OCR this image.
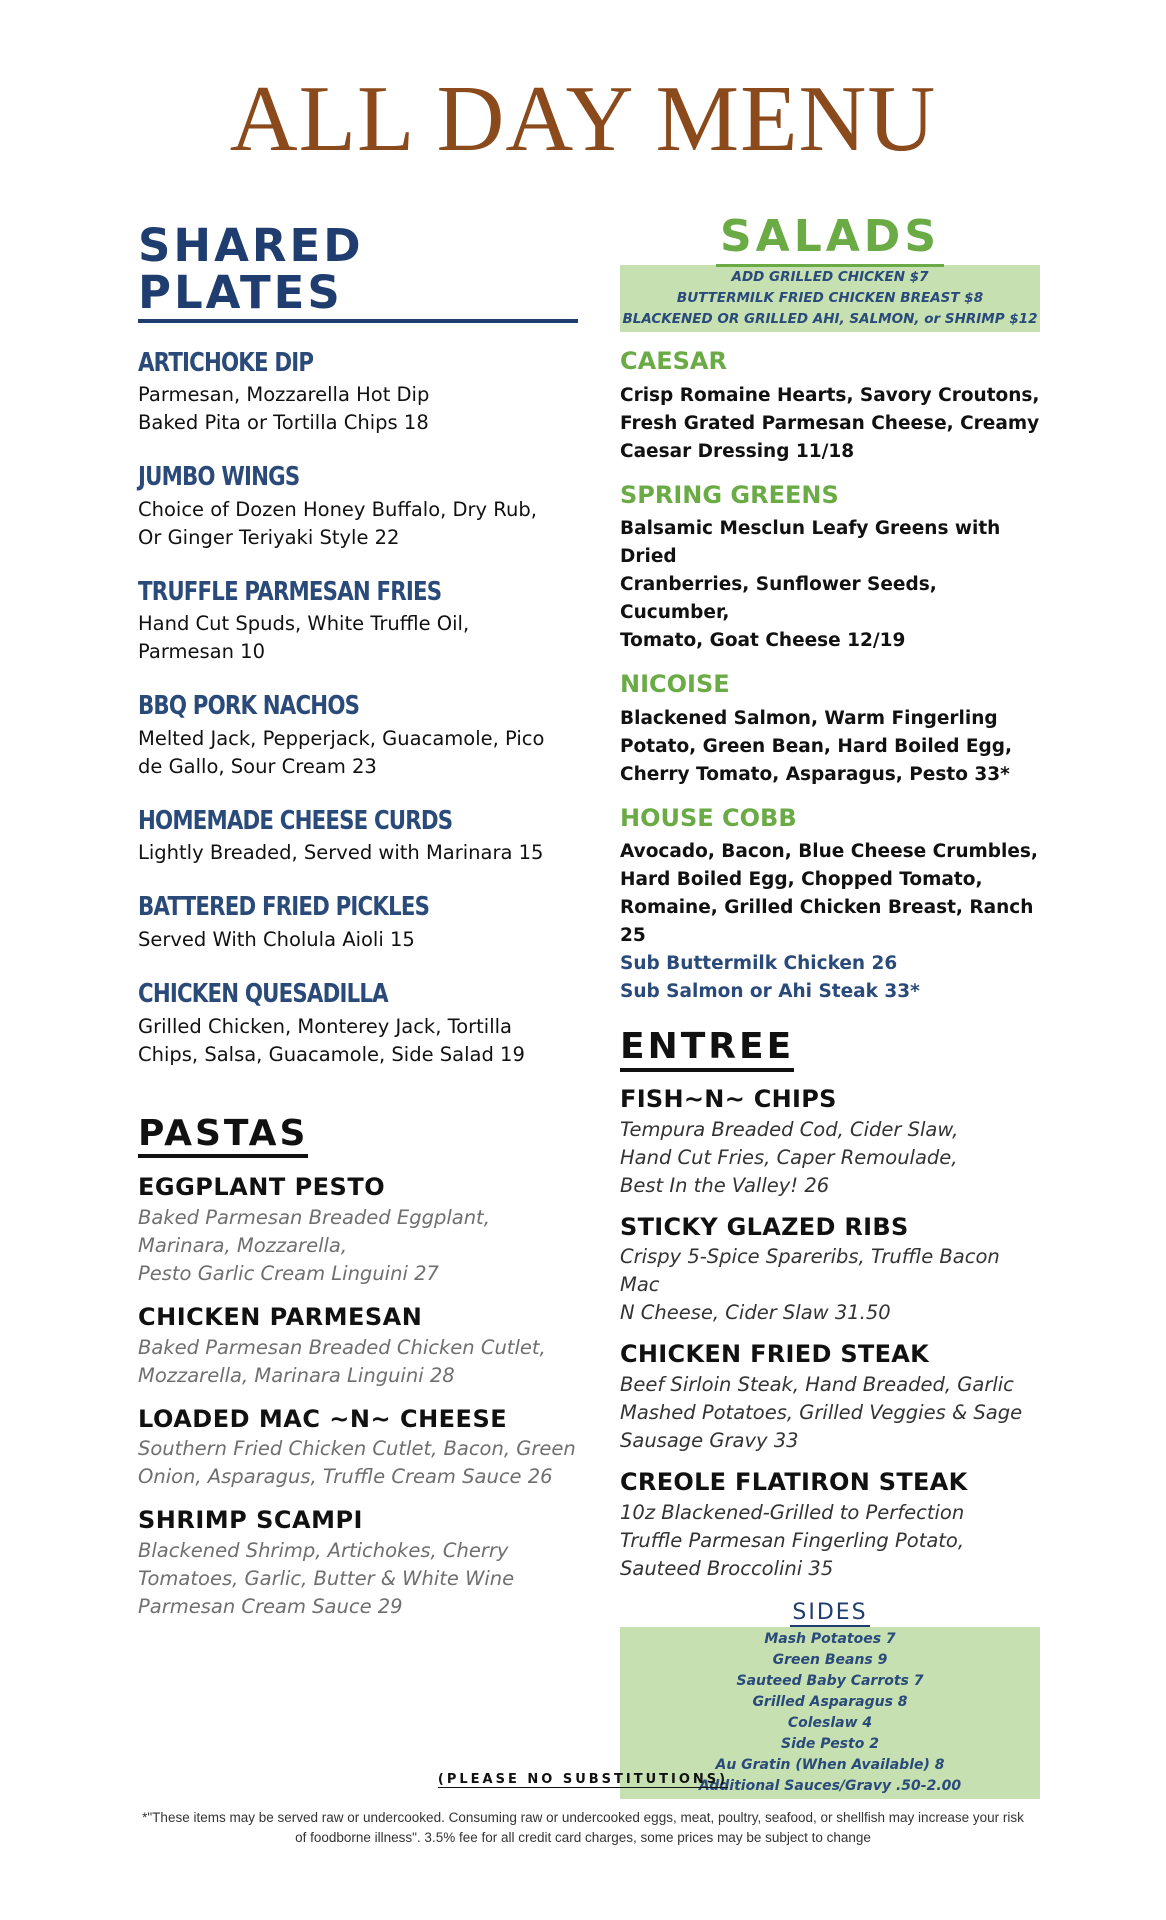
ALL DAY MENU
SHARED PLATES
ARTICHOKE DIP
Parmesan, Mozzarella Hot Dip
Baked Pita or Tortilla Chips 18
JUMBO WINGS
Choice of Dozen Honey Buffalo, Dry Rub,
Or Ginger Teriyaki Style 22
TRUFFLE PARMESAN FRIES
Hand Cut Spuds, White Truffle Oil,
Parmesan 10
BBQ PORK NACHOS
Melted Jack, Pepperjack, Guacamole, Pico
de Gallo, Sour Cream 23
HOMEMADE CHEESE CURDS
Lightly Breaded, Served with Marinara 15
BATTERED FRIED PICKLES
Served With Cholula Aioli 15
CHICKEN QUESADILLA
Grilled Chicken, Monterey Jack, Tortilla
Chips, Salsa, Guacamole, Side Salad 19
PASTAS
EGGPLANT PESTO
Baked Parmesan Breaded Eggplant,
Marinara, Mozzarella,
Pesto Garlic Cream Linguini 27
CHICKEN PARMESAN
Baked Parmesan Breaded Chicken Cutlet,
Mozzarella, Marinara Linguini 28
LOADED MAC ~N~ CHEESE
Southern Fried Chicken Cutlet, Bacon, Green
Onion, Asparagus, Truffle Cream Sauce 26
SHRIMP SCAMPI
Blackened Shrimp, Artichokes, Cherry
Tomatoes, Garlic, Butter & White Wine
Parmesan Cream Sauce 29
SALADS
ADD GRILLED CHICKEN $7
BUTTERMILK FRIED CHICKEN BREAST $8
BLACKENED OR GRILLED AHI, SALMON, or SHRIMP $12
CAESAR
Crisp Romaine Hearts, Savory Croutons,
Fresh Grated Parmesan Cheese, Creamy
Caesar Dressing 11/18
SPRING GREENS
Balsamic Mesclun Leafy Greens with Dried
Cranberries, Sunflower Seeds, Cucumber,
Tomato, Goat Cheese 12/19
NICOISE
Blackened Salmon, Warm Fingerling
Potato, Green Bean, Hard Boiled Egg,
Cherry Tomato, Asparagus, Pesto 33*
HOUSE COBB
Avocado, Bacon, Blue Cheese Crumbles,
Hard Boiled Egg, Chopped Tomato,
Romaine, Grilled Chicken Breast, Ranch 25
Sub Buttermilk Chicken 26
Sub Salmon or Ahi Steak 33*
ENTREE
FISH~N~ CHIPS
Tempura Breaded Cod, Cider Slaw,
Hand Cut Fries, Caper Remoulade,
Best In the Valley! 26
STICKY GLAZED RIBS
Crispy 5-Spice Spareribs, Truffle Bacon Mac
N Cheese, Cider Slaw 31.50
CHICKEN FRIED STEAK
Beef Sirloin Steak, Hand Breaded, Garlic
Mashed Potatoes, Grilled Veggies & Sage
Sausage Gravy 33
CREOLE FLATIRON STEAK
10z Blackened-Grilled to Perfection
Truffle Parmesan Fingerling Potato,
Sauteed Broccolini 35
SIDES
Mash Potatoes 7
Green Beans 9
Sauteed Baby Carrots 7
Grilled Asparagus 8
Coleslaw 4
Side Pesto 2
Au Gratin (When Available) 8
Additional Sauces/Gravy .50-2.00
(PLEASE NO SUBSTITUTIONS)
*"These items may be served raw or undercooked. Consuming raw or undercooked eggs, meat, poultry, seafood, or shellfish may increase your risk of foodborne illness". 3.5% fee for all credit card charges, some prices may be subject to change
